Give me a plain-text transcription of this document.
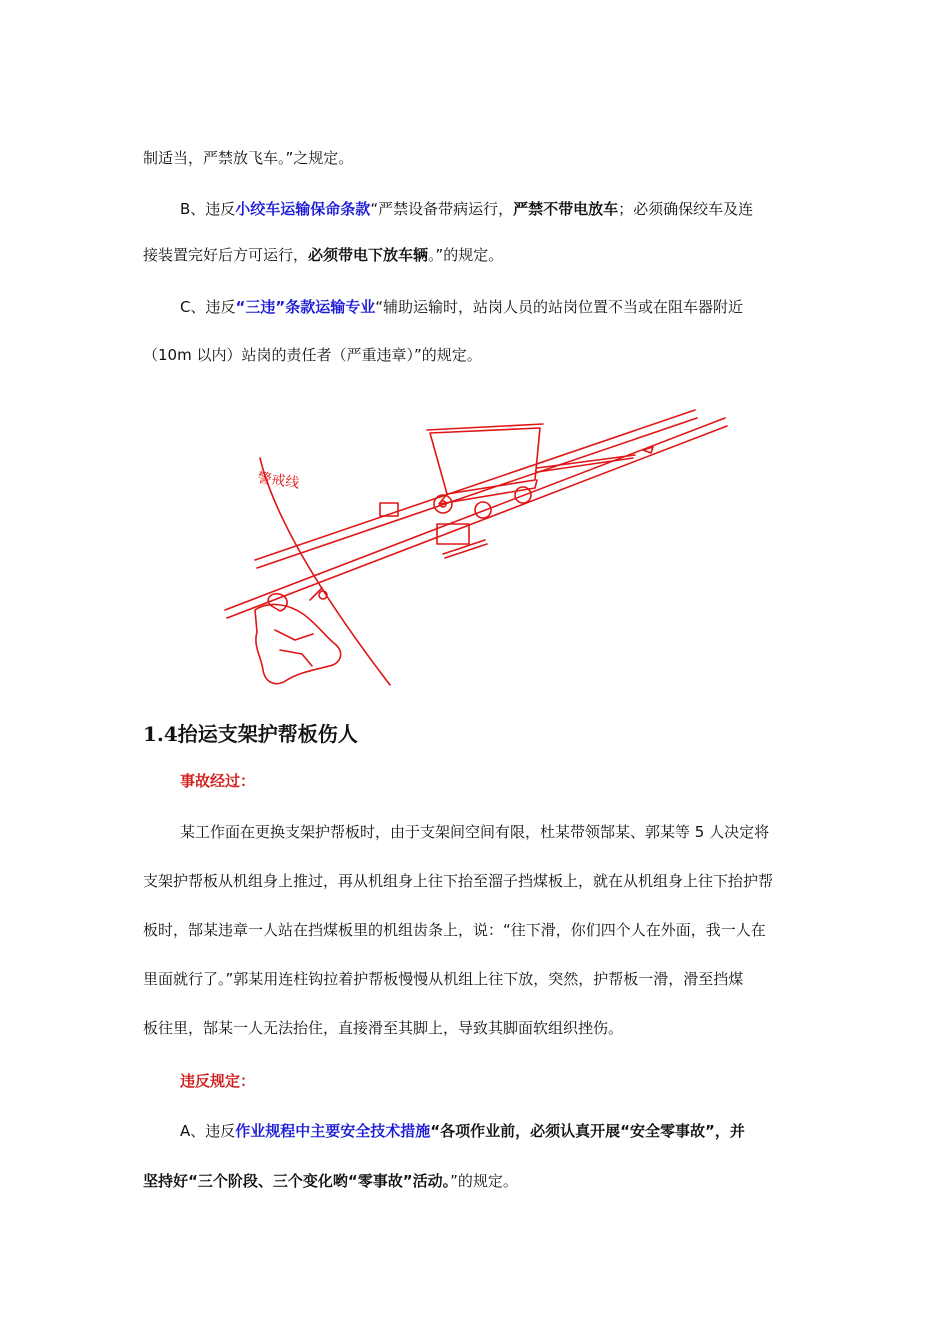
制适当，严禁放飞车。”之规定。
B、违反小绞车运输保命条款“严禁设备带病运行，严禁不带电放车；必须确保绞车及连
接装置完好后方可运行，必须带电下放车辆。”的规定。
C、违反“三违”条款运输专业“辅助运输时，站岗人员的站岗位置不当或在阻车器附近
（10m 以内）站岗的责任者（严重违章）”的规定。
警戒线
1.4抬运支架护帮板伤人
事故经过：
某工作面在更换支架护帮板时，由于支架间空间有限，杜某带领郜某、郭某等 5 人决定将
支架护帮板从机组身上推过，再从机组身上往下抬至溜子挡煤板上，就在从机组身上往下抬护帮
板时，郜某违章一人站在挡煤板里的机组齿条上，说：“往下滑，你们四个人在外面，我一人在
里面就行了。”郭某用连柱钩拉着护帮板慢慢从机组上往下放，突然，护帮板一滑，滑至挡煤
板往里，郜某一人无法抬住，直接滑至其脚上，导致其脚面软组织挫伤。
违反规定：
A、违反作业规程中主要安全技术措施“各项作业前，必须认真开展“安全零事故”，并
坚持好“三个阶段、三个变化哟“零事故”活动。”的规定。
